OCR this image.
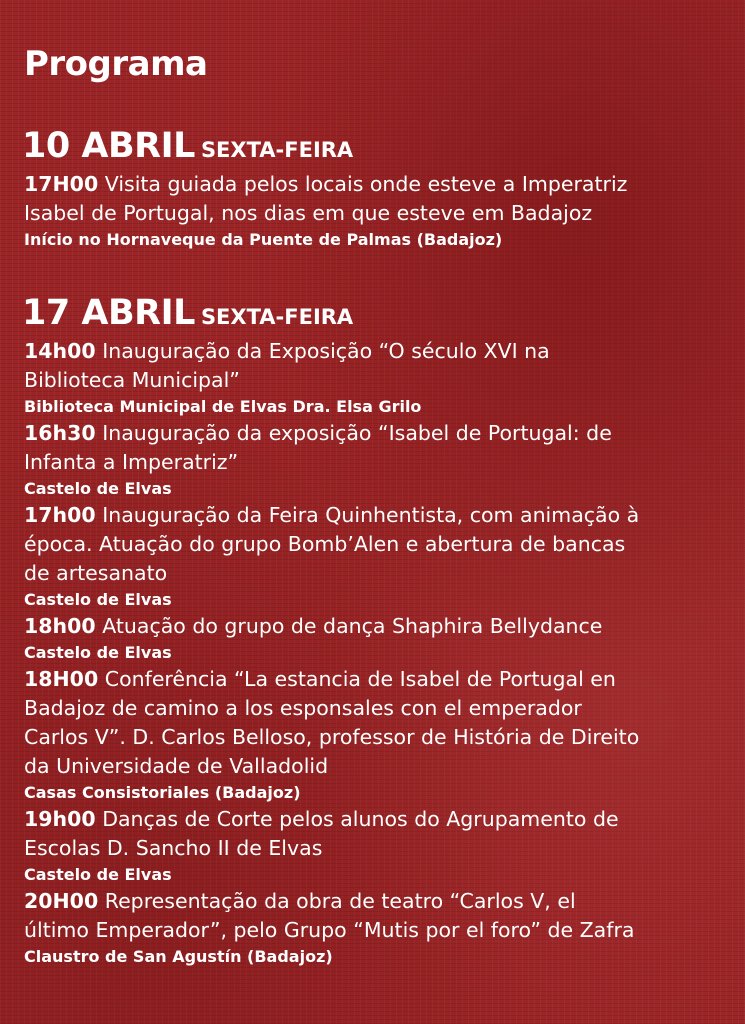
Programa
10 ABRIL SEXTA-FEIRA
17H00 Visita guiada pelos locais onde esteve a Imperatriz
Isabel de Portugal, nos dias em que esteve em Badajoz
Início no Hornaveque da Puente de Palmas (Badajoz)
17 ABRIL SEXTA-FEIRA
14h00 Inauguração da Exposição “O século XVI na
Biblioteca Municipal”
Biblioteca Municipal de Elvas Dra. Elsa Grilo
16h30 Inauguração da exposição “Isabel de Portugal: de
Infanta a Imperatriz”
Castelo de Elvas
17h00 Inauguração da Feira Quinhentista, com animação à
época. Atuação do grupo Bomb’Alen e abertura de bancas
de artesanato
Castelo de Elvas
18h00 Atuação do grupo de dança Shaphira Bellydance
Castelo de Elvas
18H00 Conferência “La estancia de Isabel de Portugal en
Badajoz de camino a los esponsales con el emperador
Carlos V”. D. Carlos Belloso, professor de História de Direito
da Universidade de Valladolid
Casas Consistoriales (Badajoz)
19h00 Danças de Corte pelos alunos do Agrupamento de
Escolas D. Sancho II de Elvas
Castelo de Elvas
20H00 Representação da obra de teatro “Carlos V, el
último Emperador”, pelo Grupo “Mutis por el foro” de Zafra
Claustro de San Agustín (Badajoz)
